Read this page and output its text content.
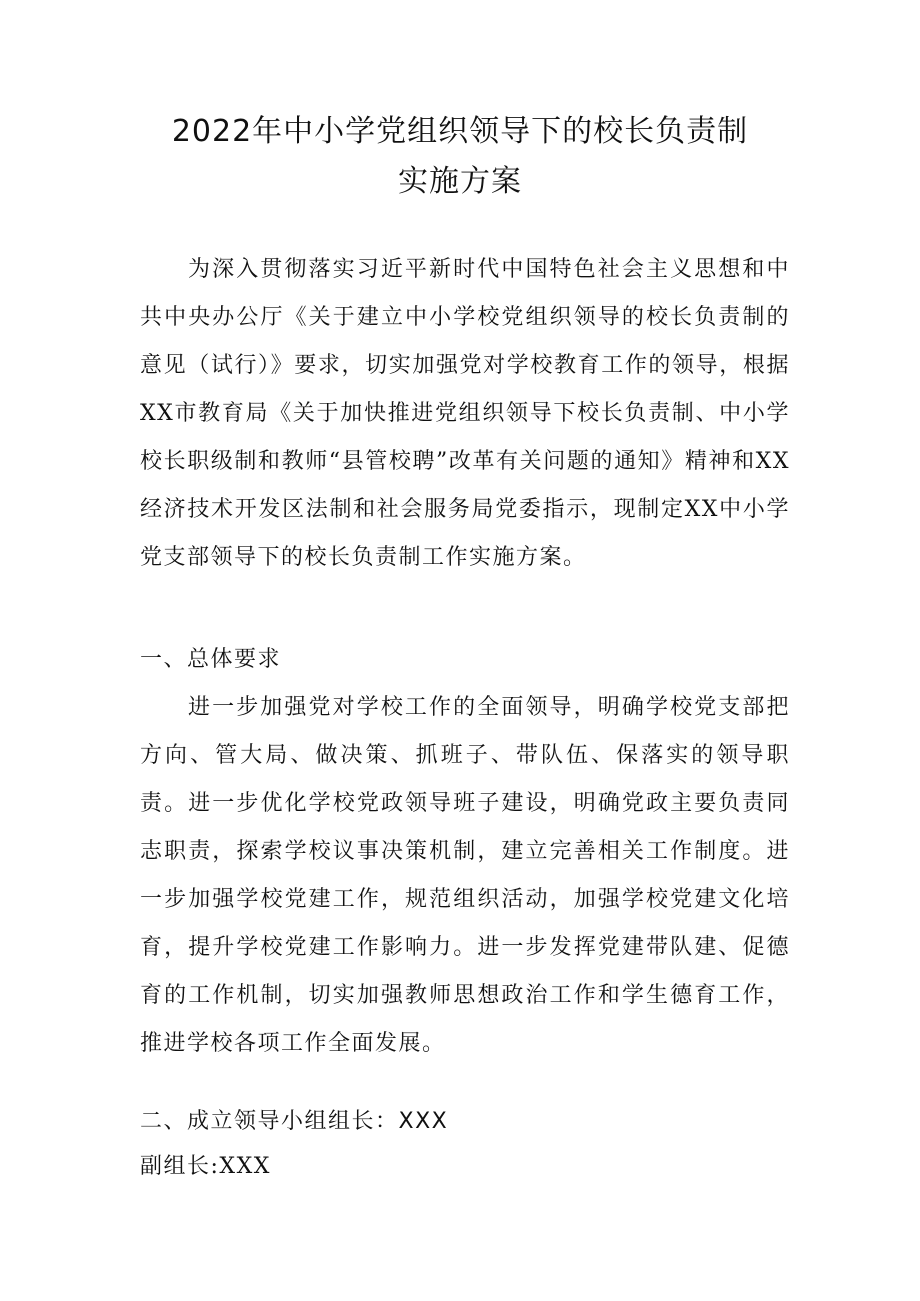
2022年中小学党组织领导下的校长负责制
实施方案
为深入贯彻落实习近平新时代中国特色社会主义思想和中共中央办公厅《关于建立中小学校党组织领导的校长负责制的意见（试行）》要求，切实加强党对学校教育工作的领导，根据XX市教育局《关于加快推进党组织领导下校长负责制、中小学校长职级制和教师“县管校聘”改革有关问题的通知》精神和XX经济技术开发区法制和社会服务局党委指示，现制定XX中小学党支部领导下的校长负责制工作实施方案。
一、总体要求
进一步加强党对学校工作的全面领导，明确学校党支部把方向、管大局、做决策、抓班子、带队伍、保落实的领导职责。进一步优化学校党政领导班子建设，明确党政主要负责同志职责，探索学校议事决策机制，建立完善相关工作制度。进一步加强学校党建工作，规范组织活动，加强学校党建文化培育，提升学校党建工作影响力。进一步发挥党建带队建、促德育的工作机制，切实加强教师思想政治工作和学生德育工作，推进学校各项工作全面发展。
二、成立领导小组组长：XXX
副组长:XXX
